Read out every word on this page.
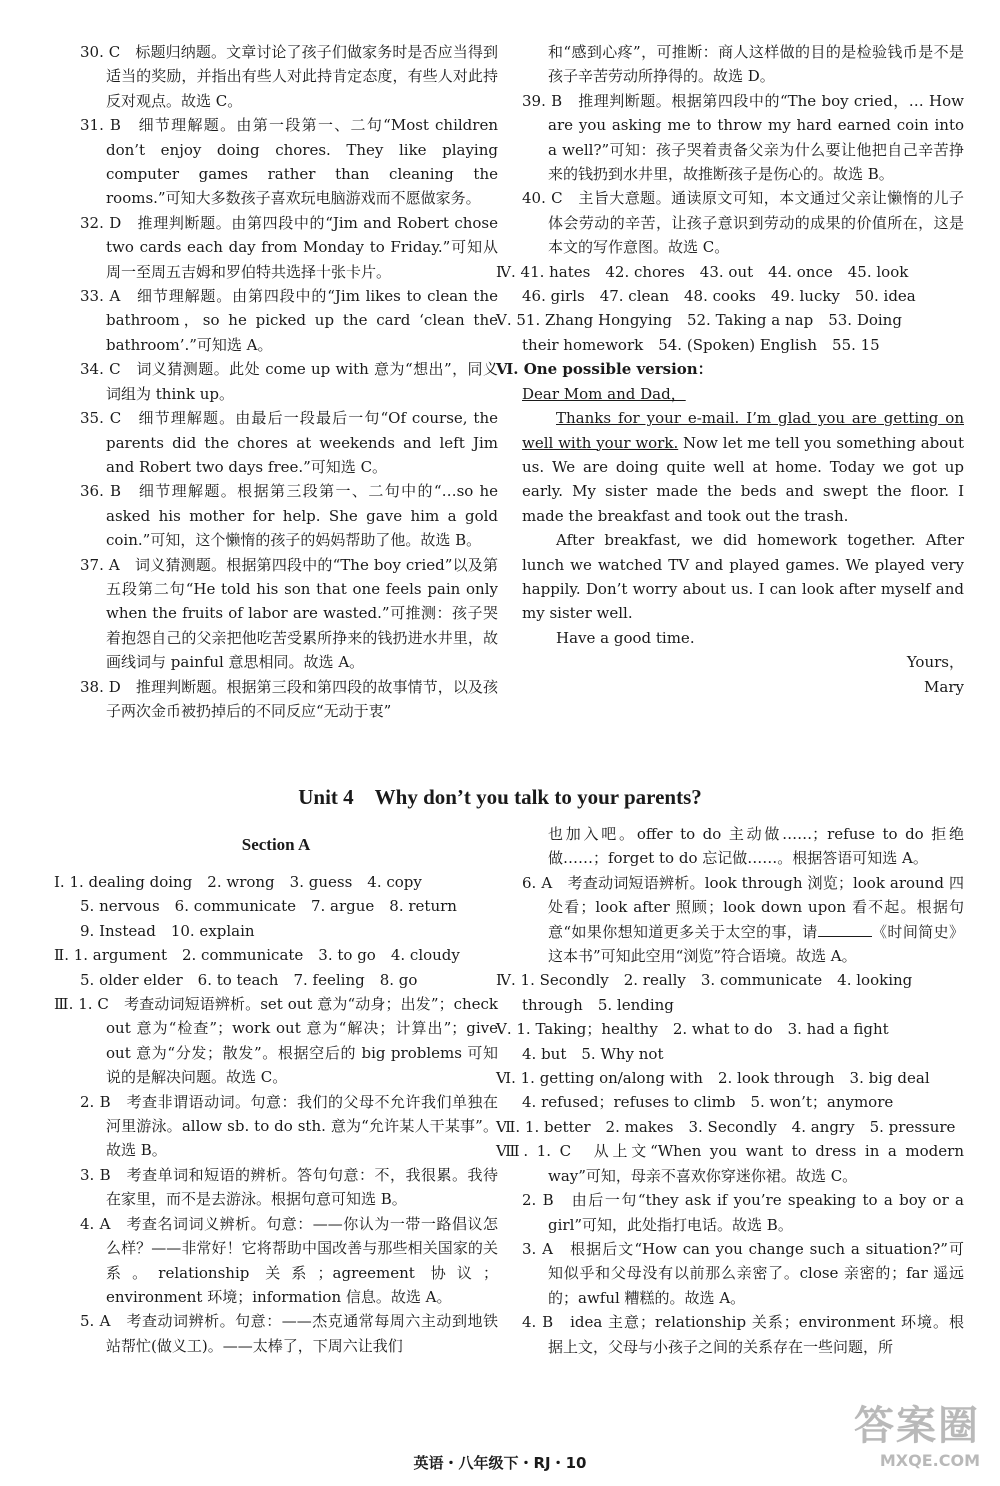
30. C　标题归纳题。文章讨论了孩子们做家务时是否应当得到适当的奖励，并指出有些人对此持肯定态度，有些人对此持反对观点。故选 C。

31. B　细节理解题。由第一段第一、二句“Most children don’t enjoy doing chores. They like playing computer games rather than cleaning the rooms.”可知大多数孩子喜欢玩电脑游戏而不愿做家务。

32. D　推理判断题。由第四段中的“Jim and Robert chose two cards each day from Monday to Friday.”可知从周一至周五吉姆和罗伯特共选择十张卡片。

33. A　细节理解题。由第四段中的“Jim likes to clean the bathroom，so he picked up the card ‘clean the bathroom’.”可知选 A。

34. C　词义猜测题。此处 come up with 意为“想出”，同义词组为 think up。

35. C　细节理解题。由最后一段最后一句“Of course, the parents did the chores at weekends and left Jim and Robert two days free.”可知选 C。

36. B　细节理解题。根据第三段第一、二句中的“…so he asked his mother for help. She gave him a gold coin.”可知，这个懒惰的孩子的妈妈帮助了他。故选 B。

37. A　词义猜测题。根据第四段中的“The boy cried”以及第五段第二句“He told his son that one feels pain only when the fruits of labor are wasted.”可推测：孩子哭着抱怨自己的父亲把他吃苦受累所挣来的钱扔进水井里，故画线词与 painful 意思相同。故选 A。

38. D　推理判断题。根据第三段和第四段的故事情节，以及孩子两次金币被扔掉后的不同反应“无动于衷”

和“感到心疼”，可推断：商人这样做的目的是检验钱币是不是孩子辛苦劳动所挣得的。故选 D。

39. B　推理判断题。根据第四段中的“The boy cried，… How are you asking me to throw my hard earned coin into a well?”可知：孩子哭着责备父亲为什么要让他把自己辛苦挣来的钱扔到水井里，故推断孩子是伤心的。故选 B。

40. C　主旨大意题。通读原文可知，本文通过父亲让懒惰的儿子体会劳动的辛苦，让孩子意识到劳动的成果的价值所在，这是本文的写作意图。故选 C。

Ⅳ. 41. hates　42. chores　43. out　44. once　45. look

46. girls　47. clean　48. cooks　49. lucky　50. idea

Ⅴ. 51. Zhang Hongying　52. Taking a nap　53. Doing

their homework　54. (Spoken) English　55. 15

Ⅵ. One possible version：

Dear Mom and Dad，

Thanks for your e-mail. I’m glad you are getting on well with your work. Now let me tell you something about us. We are doing quite well at home. Today we got up early. My sister made the beds and swept the floor. I made the breakfast and took out the trash.

After breakfast, we did homework together. After lunch we watched TV and played games. We played very happily. Don’t worry about us. I can look after myself and my sister well.

Have a good time.

Yours，

Mary

Unit 4　Why don’t you talk to your parents?
Section A

Ⅰ. 1. dealing doing　2. wrong　3. guess　4. copy

5. nervous　6. communicate　7. argue　8. return

9. Instead　10. explain

Ⅱ. 1. argument　2. communicate　3. to go　4. cloudy

5. older elder　6. to teach　7. feeling　8. go

Ⅲ. 1. C　考查动词短语辨析。set out 意为“动身；出发”；check out 意为“检查”；work out 意为“解决；计算出”；give out 意为“分发；散发”。根据空后的 big problems 可知说的是解决问题。故选 C。

2. B　考查非谓语动词。句意：我们的父母不允许我们单独在河里游泳。allow sb. to do sth. 意为“允许某人干某事”。故选 B。

3. B　考查单词和短语的辨析。答句句意：不，我很累。我待在家里，而不是去游泳。根据句意可知选 B。

4. A　考查名词词义辨析。句意：——你认为一带一路倡议怎么样？——非常好！它将帮助中国改善与那些相关国家的关系。relationship 关系；agreement 协议；environment 环境；information 信息。故选 A。

5. A　考查动词辨析。句意：——杰克通常每周六主动到地铁站帮忙(做义工)。——太棒了，下周六让我们

也加入吧。offer to do 主动做……；refuse to do 拒绝做……；forget to do 忘记做……。根据答语可知选 A。

6. A　考查动词短语辨析。look through 浏览；look around 四处看；look after 照顾；look down upon 看不起。根据句意“如果你想知道更多关于太空的事，请	《时间简史》这本书”可知此空用“浏览”符合语境。故选 A。

Ⅳ. 1. Secondly　2. really　3. communicate　4. looking

through　5. lending

Ⅴ. 1. Taking；healthy　2. what to do　3. had a fight

4. but　5. Why not

Ⅵ. 1. getting on/along with　2. look through　3. big deal

4. refused；refuses to climb　5. won’t；anymore

Ⅶ. 1. better　2. makes　3. Secondly　4. angry　5. pressure

Ⅷ. 1. C　从上文“When you want to dress in a modern way”可知，母亲不喜欢你穿迷你裙。故选 C。

2. B　由后一句“they ask if you’re speaking to a boy or a girl”可知，此处指打电话。故选 B。

3. A　根据后文“How can you change such a situation?”可知似乎和父母没有以前那么亲密了。close 亲密的；far 遥远的；awful 糟糕的。故选 A。

4. B　idea 主意；relationship 关系；environment 环境。根据上文，父母与小孩子之间的关系存在一些问题，所

英语・八年级下・RJ・10
答案圈
MXQE.COM
